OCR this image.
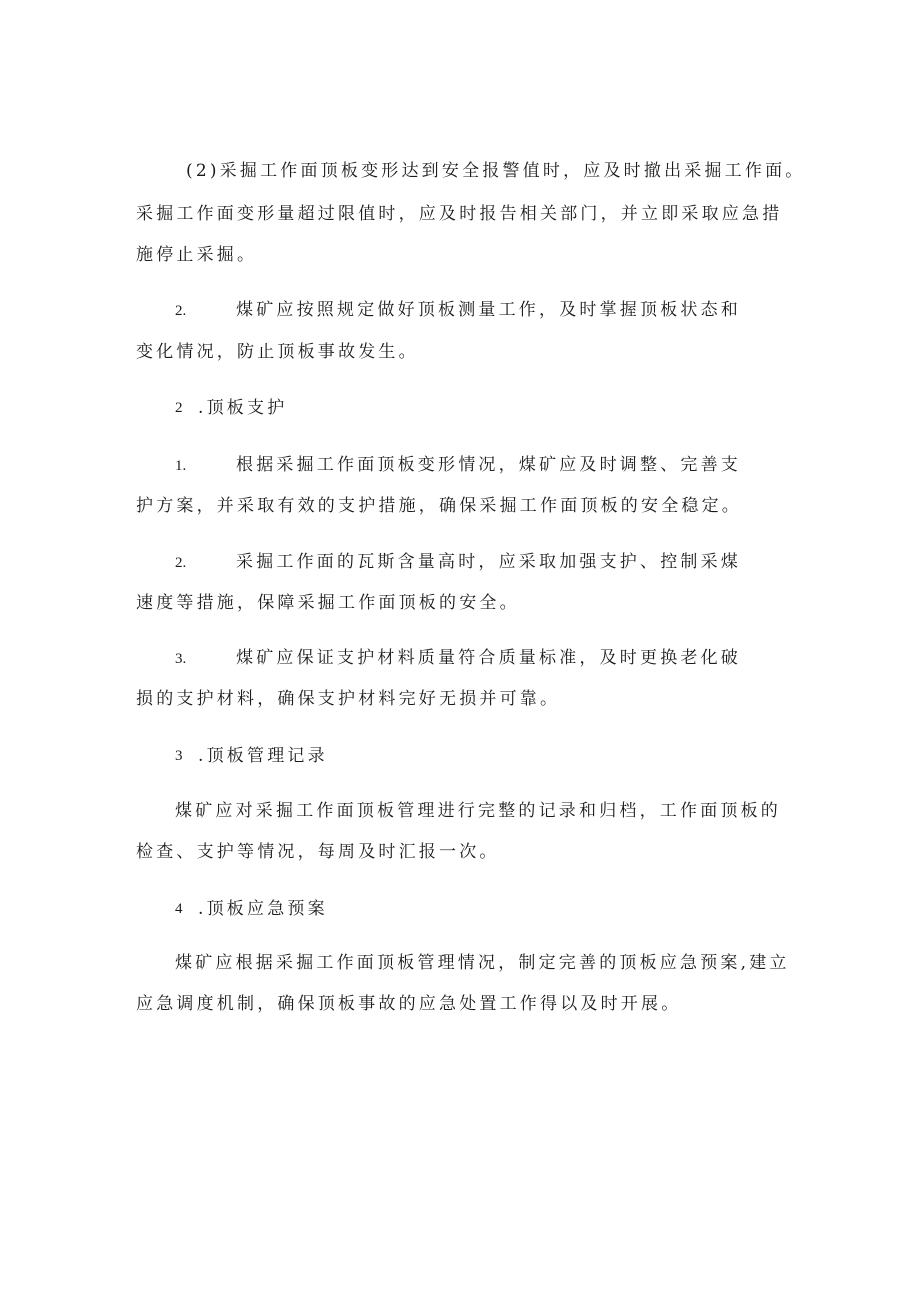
(2)采掘工作面顶板变形达到安全报警值时，应及时撤出采掘工作面。
采掘工作面变形量超过限值时，应及时报告相关部门，并立即采取应急措
施停止采掘。
2.	煤矿应按照规定做好顶板测量工作，及时掌握顶板状态和
变化情况，防止顶板事故发生。
2 .顶板支护
1.	根据采掘工作面顶板变形情况，煤矿应及时调整、完善支
护方案，并采取有效的支护措施，确保采掘工作面顶板的安全稳定。
2.	采掘工作面的瓦斯含量高时，应采取加强支护、控制采煤
速度等措施，保障采掘工作面顶板的安全。
3.	煤矿应保证支护材料质量符合质量标准，及时更换老化破
损的支护材料，确保支护材料完好无损并可靠。
3 .顶板管理记录
煤矿应对采掘工作面顶板管理进行完整的记录和归档，工作面顶板的
检查、支护等情况，每周及时汇报一次。
4 .顶板应急预案
煤矿应根据采掘工作面顶板管理情况，制定完善的顶板应急预案,建立
应急调度机制，确保顶板事故的应急处置工作得以及时开展。
